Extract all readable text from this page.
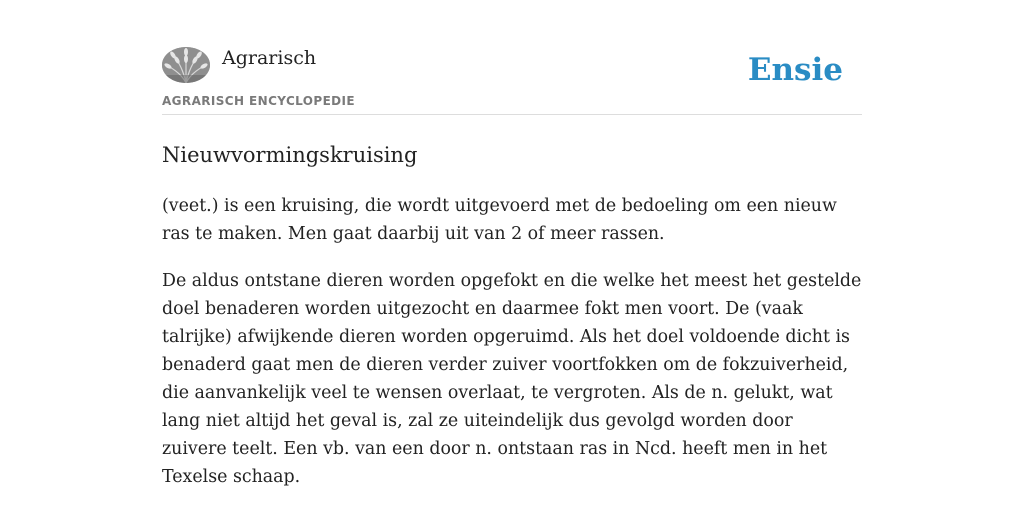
Agrarisch
AGRARISCH ENCYCLOPEDIE
Ensie
Nieuwvormingskruising

(veet.) is een kruising, die wordt uitgevoerd met de bedoeling om een nieuw ras te maken. Men gaat daarbij uit van 2 of meer rassen.

De aldus ontstane dieren worden opgefokt en die welke het meest het gestelde doel benaderen worden uitgezocht en daarmee fokt men voort. De (vaak talrijke) afwijkende dieren worden opgeruimd. Als het doel voldoende dicht is benaderd gaat men de dieren verder zuiver voortfokken om de fokzuiverheid, die aanvankelijk veel te wensen overlaat, te vergroten. Als de n. gelukt, wat lang niet altijd het geval is, zal ze uiteindelijk dus gevolgd worden door zuivere teelt. Een vb. van een door n. ontstaan ras in Ncd. heeft men in het Texelse schaap.
